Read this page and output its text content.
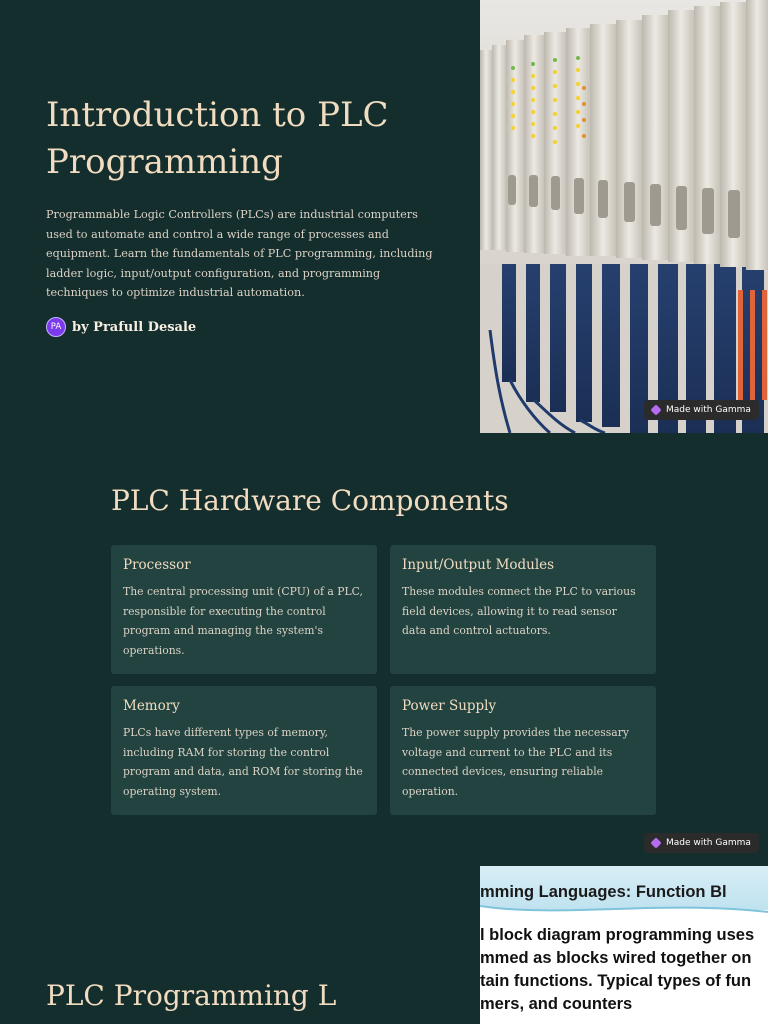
Introduction to PLC Programming

Programmable Logic Controllers (PLCs) are industrial computers used to automate and control a wide range of processes and equipment. Learn the fundamentals of PLC programming, including ladder logic, input/output configuration, and programming techniques to optimize industrial automation.

PA by Prafull Desale
Made with Gamma
PLC Hardware Components
Processor

The central processing unit (CPU) of a PLC, responsible for executing the control program and managing the system's operations.

Input/Output Modules

These modules connect the PLC to various field devices, allowing it to read sensor data and control actuators.

Memory

PLCs have different types of memory, including RAM for storing the control program and data, and ROM for storing the operating system.

Power Supply

The power supply provides the necessary voltage and current to the PLC and its connected devices, ensuring reliable operation.

Made with Gamma
PLC Programming L
mming Languages: Function Bl
l block diagram programming uses
mmed as blocks wired together on
tain functions. Typical types of fun
mers, and counters
